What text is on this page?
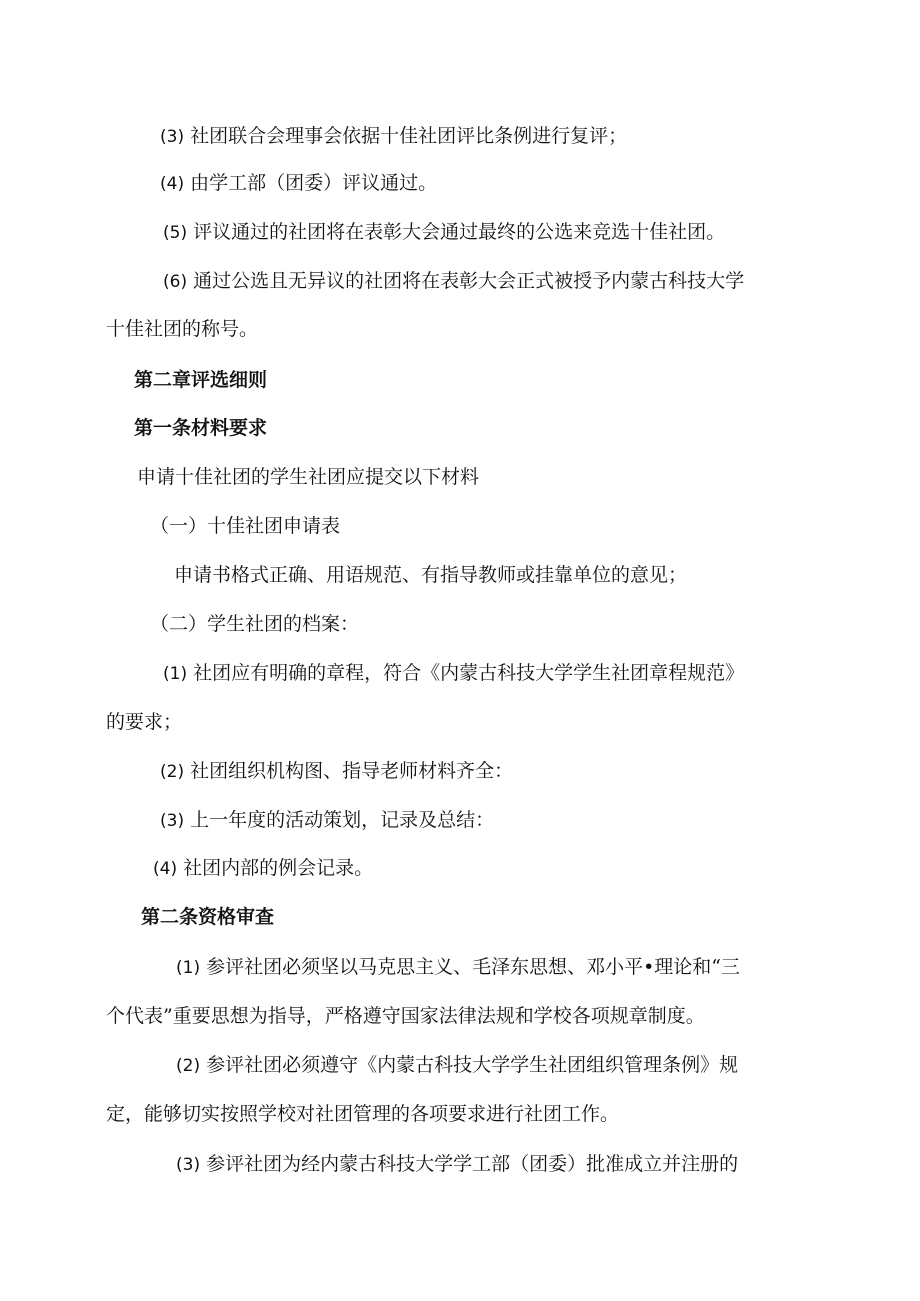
(3) 社团联合会理事会依据十佳社团评比条例进行复评；
(4) 由学工部（团委）评议通过。
(5) 评议通过的社团将在表彰大会通过最终的公选来竞选十佳社团。
(6) 通过公选且无异议的社团将在表彰大会正式被授予内蒙古科技大学
十佳社团的称号。
第二章评选细则
第一条材料要求
申请十佳社团的学生社团应提交以下材料
（一）十佳社团申请表
申请书格式正确、用语规范、有指导教师或挂靠单位的意见；
（二）学生社团的档案：
(1) 社团应有明确的章程，符合《内蒙古科技大学学生社团章程规范》
的要求；
(2) 社团组织机构图、指导老师材料齐全：
(3) 上一年度的活动策划，记录及总结：
(4) 社团内部的例会记录。
第二条资格审查
(1) 参评社团必须坚以马克思主义、毛泽东思想、邓小平•理论和“三
个代表”重要思想为指导，严格遵守国家法律法规和学校各项规章制度。
(2) 参评社团必须遵守《内蒙古科技大学学生社团组织管理条例》规
定，能够切实按照学校对社团管理的各项要求进行社团工作。
(3) 参评社团为经内蒙古科技大学学工部（团委）批准成立并注册的
